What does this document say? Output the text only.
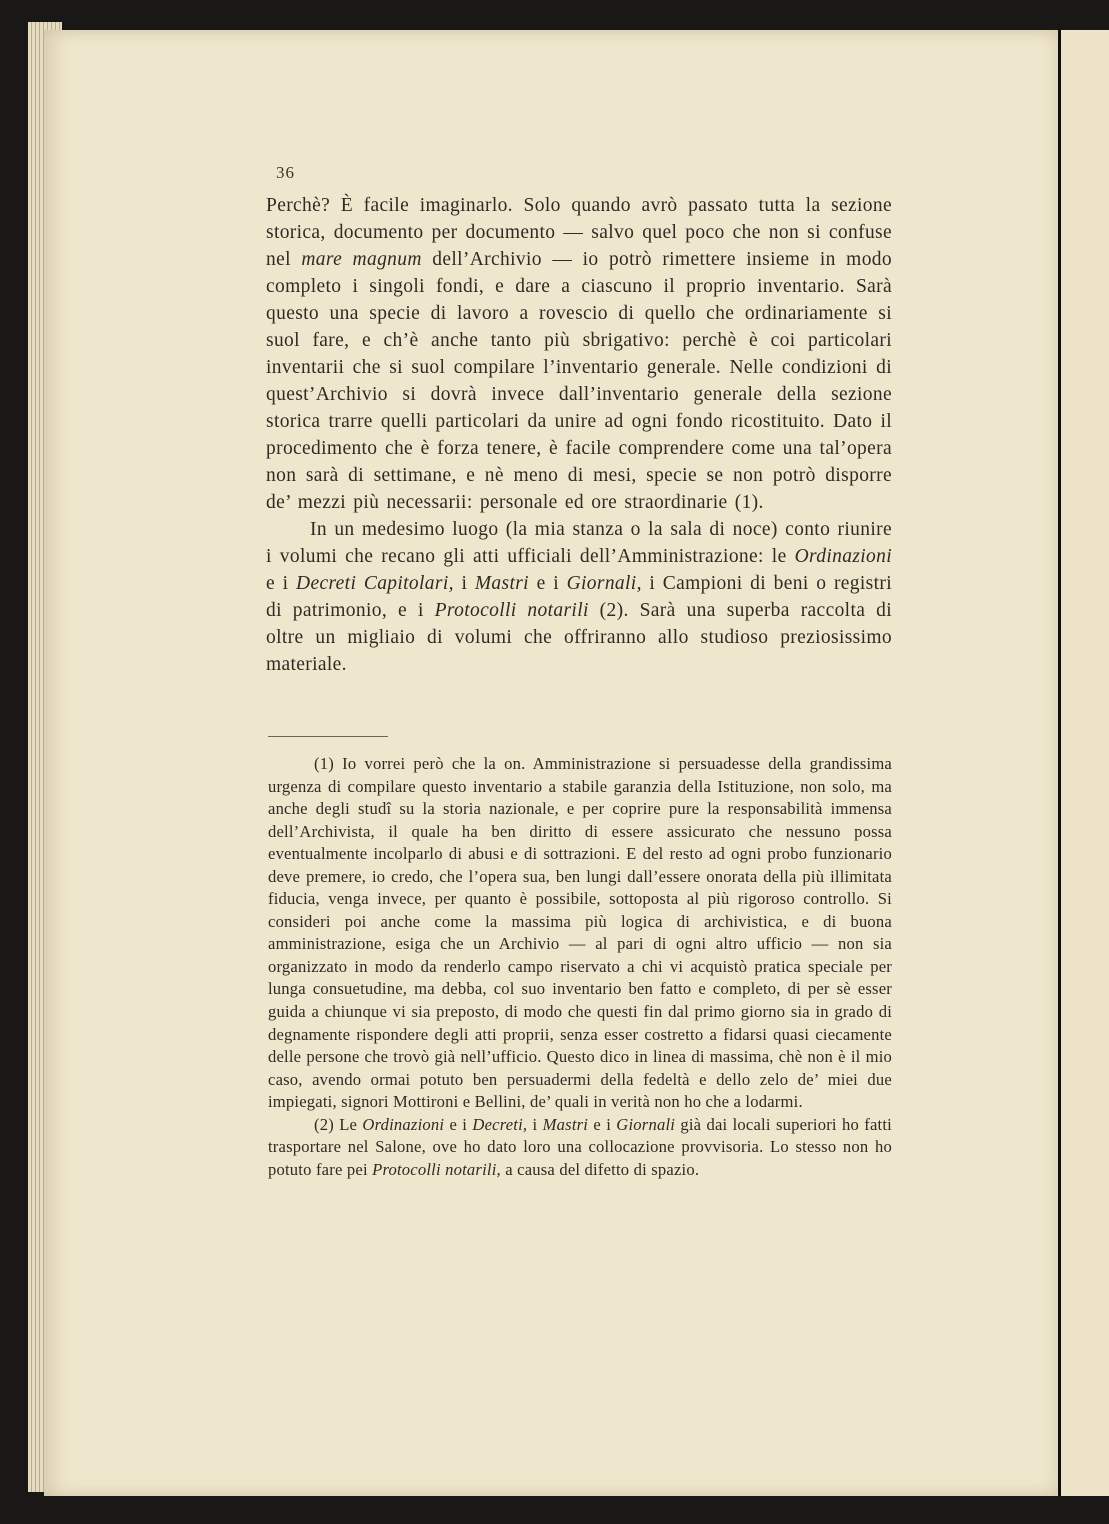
36

Perchè? È facile imaginarlo. Solo quando avrò passato tutta la sezione storica, documento per documento — salvo quel poco che non si confuse nel mare magnum dell’Archivio — io potrò rimettere insieme in modo completo i singoli fondi, e dare a ciascuno il proprio inventario. Sarà questo una specie di lavoro a rovescio di quello che ordinariamente si suol fare, e ch’è anche tanto più sbrigativo: perchè è coi particolari inventarii che si suol compilare l’inventario generale. Nelle condizioni di quest’Archivio si dovrà invece dall’inventario generale della sezione storica trarre quelli particolari da unire ad ogni fondo ricostituito. Dato il procedimento che è forza tenere, è facile comprendere come una tal’opera non sarà di settimane, e nè meno di mesi, specie se non potrò disporre de’ mezzi più necessarii: personale ed ore straordinarie (1).

In un medesimo luogo (la mia stanza o la sala di noce) conto riunire i volumi che recano gli atti ufficiali dell’Amministrazione: le Ordinazioni e i Decreti Capitolari, i Mastri e i Giornali, i Campioni di beni o registri di patrimonio, e i Protocolli notarili (2). Sarà una superba raccolta di oltre un migliaio di volumi che offriranno allo studioso preziosissimo materiale.

(1) Io vorrei però che la on. Amministrazione si persuadesse della grandissima urgenza di compilare questo inventario a stabile garanzia della Istituzione, non solo, ma anche degli studî su la storia nazionale, e per coprire pure la responsabilità immensa dell’Archivista, il quale ha ben diritto di essere assicurato che nessuno possa eventualmente incolparlo di abusi e di sottrazioni. E del resto ad ogni probo funzionario deve premere, io credo, che l’opera sua, ben lungi dall’essere onorata della più illimitata fiducia, venga invece, per quanto è possibile, sottoposta al più rigoroso controllo. Si consideri poi anche come la massima più logica di archivistica, e di buona amministrazione, esiga che un Archivio — al pari di ogni altro ufficio — non sia organizzato in modo da renderlo campo riservato a chi vi acquistò pratica speciale per lunga consuetudine, ma debba, col suo inventario ben fatto e completo, di per sè esser guida a chiunque vi sia preposto, di modo che questi fin dal primo giorno sia in grado di degnamente rispondere degli atti proprii, senza esser costretto a fidarsi quasi ciecamente delle persone che trovò già nell’ufficio. Questo dico in linea di massima, chè non è il mio caso, avendo ormai potuto ben persuadermi della fedeltà e dello zelo de’ miei due impiegati, signori Mottironi e Bellini, de’ quali in verità non ho che a lodarmi.

(2) Le Ordinazioni e i Decreti, i Mastri e i Giornali già dai locali superiori ho fatti trasportare nel Salone, ove ho dato loro una collocazione provvisoria. Lo stesso non ho potuto fare pei Protocolli notarili, a causa del difetto di spazio.
